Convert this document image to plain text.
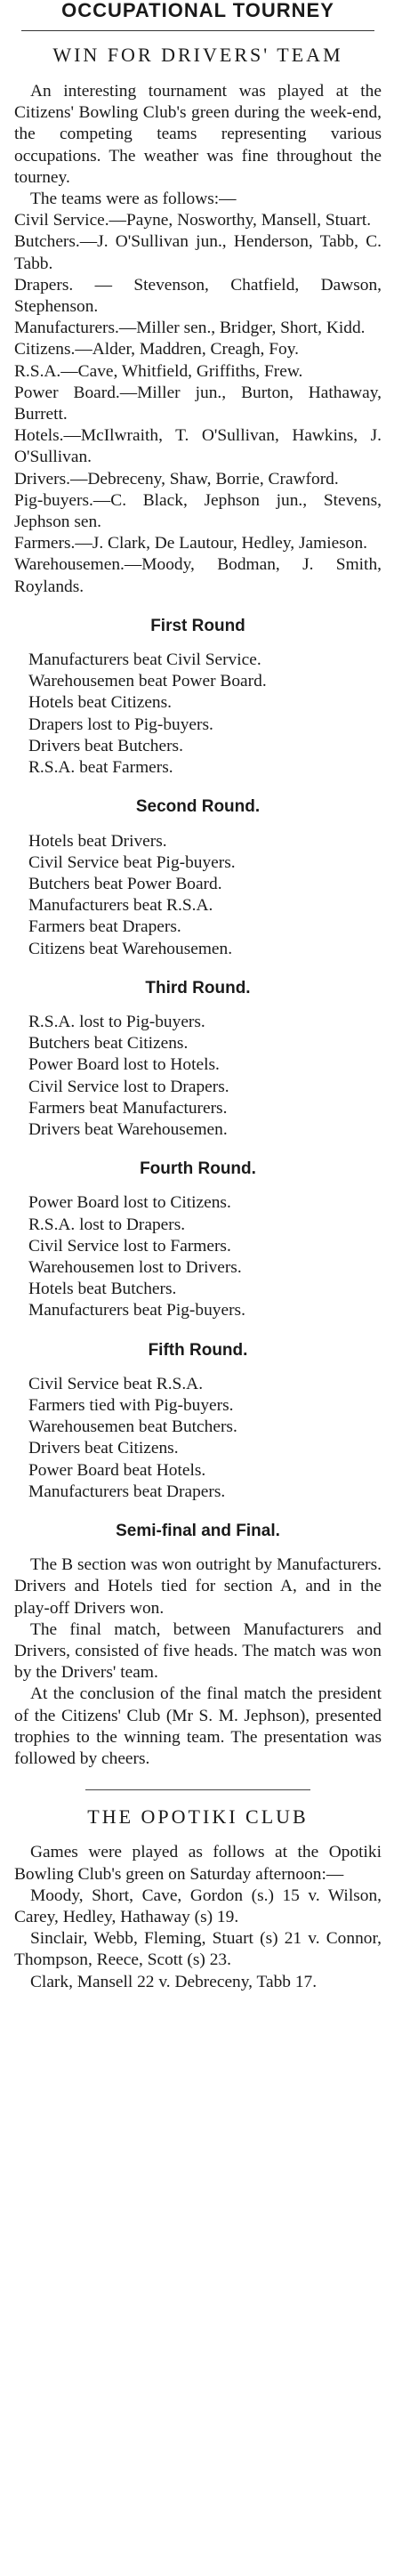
OCCUPATIONAL TOURNEY
WIN FOR DRIVERS' TEAM

An interesting tournament was played at the Citizens' Bowling Club's green during the week-end, the competing teams representing various occupations. The weather was fine throughout the tourney.

The teams were as follows:—

Civil Service.—Payne, Nosworthy, Mansell, Stuart.

Butchers.—J. O'Sullivan jun., Henderson, Tabb, C. Tabb.

Drapers. — Stevenson, Chatfield, Dawson, Stephenson.

Manufacturers.—Miller sen., Bridger, Short, Kidd.

Citizens.—Alder, Maddren, Creagh, Foy.

R.S.A.—Cave, Whitfield, Griffiths, Frew.

Power Board.—Miller jun., Burton, Hathaway, Burrett.

Hotels.—McIlwraith, T. O'Sullivan, Hawkins, J. O'Sullivan.

Drivers.—Debreceny, Shaw, Borrie, Crawford.

Pig-buyers.—C. Black, Jephson jun., Stevens, Jephson sen.

Farmers.—J. Clark, De Lautour, Hedley, Jamieson.

Warehousemen.—Moody, Bodman, J. Smith, Roylands.

First Round

Manufacturers beat Civil Service.

Warehousemen beat Power Board.

Hotels beat Citizens.

Drapers lost to Pig-buyers.

Drivers beat Butchers.

R.S.A. beat Farmers.

Second Round.

Hotels beat Drivers.

Civil Service beat Pig-buyers.

Butchers beat Power Board.

Manufacturers beat R.S.A.

Farmers beat Drapers.

Citizens beat Warehousemen.

Third Round.

R.S.A. lost to Pig-buyers.

Butchers beat Citizens.

Power Board lost to Hotels.

Civil Service lost to Drapers.

Farmers beat Manufacturers.

Drivers beat Warehousemen.

Fourth Round.

Power Board lost to Citizens.

R.S.A. lost to Drapers.

Civil Service lost to Farmers.

Warehousemen lost to Drivers.

Hotels beat Butchers.

Manufacturers beat Pig-buyers.

Fifth Round.

Civil Service beat R.S.A.

Farmers tied with Pig-buyers.

Warehousemen beat Butchers.

Drivers beat Citizens.

Power Board beat Hotels.

Manufacturers beat Drapers.

Semi-final and Final.

The B section was won outright by Manufacturers. Drivers and Hotels tied for section A, and in the play-off Drivers won.

The final match, between Manufacturers and Drivers, consisted of five heads. The match was won by the Drivers' team.

At the conclusion of the final match the president of the Citizens' Club (Mr S. M. Jephson), presented trophies to the winning team. The presentation was followed by cheers.

THE OPOTIKI CLUB

Games were played as follows at the Opotiki Bowling Club's green on Saturday afternoon:—

Moody, Short, Cave, Gordon (s.) 15 v. Wilson, Carey, Hedley, Hathaway (s) 19.

Sinclair, Webb, Fleming, Stuart (s) 21 v. Connor, Thompson, Reece, Scott (s) 23.

Clark, Mansell 22 v. Debreceny, Tabb 17.
